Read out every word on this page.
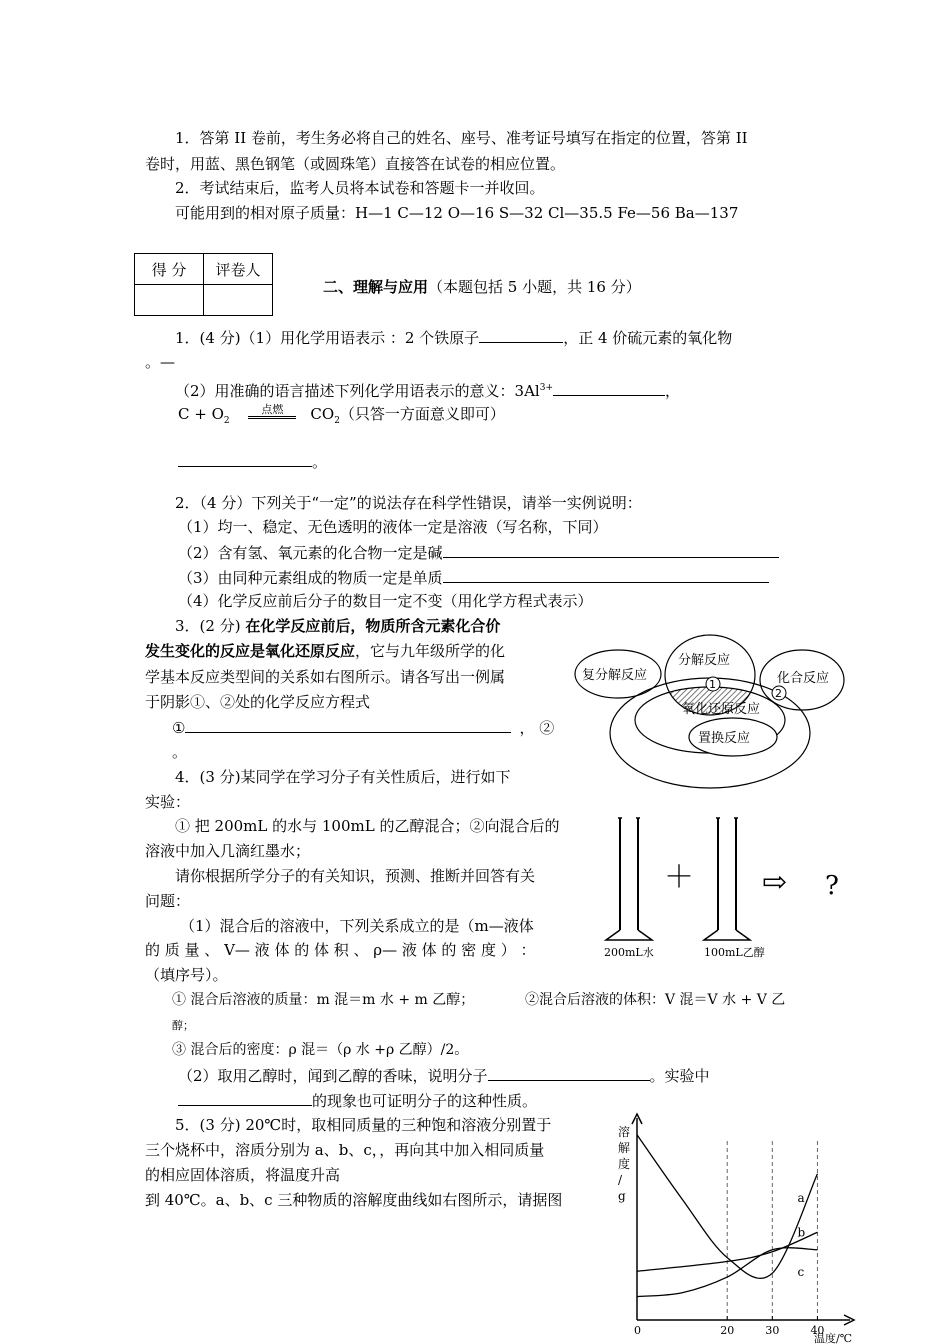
1．答第 II 卷前，考生务必将自己的姓名、座号、准考证号填写在指定的位置，答第 II
卷时，用蓝、黑色钢笔（或圆珠笔）直接答在试卷的相应位置。
2．考试结束后，监考人员将本试卷和答题卡一并收回。
可能用到的相对原子质量：H—1 C—12 O—16 S—32 Cl—35.5 Fe—56 Ba—137
得 分	评卷人

二、理解与应用（本题包括 5 小题，共 16 分）
1．(4 分)（1）用化学用语表示 ：2 个铁原子	，正 4 价硫元素的氧化物
。—
（2）用准确的语言描述下列化学用语表示的意义：$3Al^{3+}$	，
$C + O_2$ 点燃 $CO_2$（只答一方面意义即可）
。
2．（4 分）下列关于“一定”的说法存在科学性错误，请举一实例说明：
（1）均一、稳定、无色透明的液体一定是溶液（写名称，下同）
（2）含有氢、氧元素的化合物一定是碱
（3）由同种元素组成的物质一定是单质
（4）化学反应前后分子的数目一定不变（用化学方程式表示）
3．(2 分) 在化学反应前后，物质所含元素化合价
发生变化的反应是氧化还原反应，它与九年级所学的化
学基本反应类型间的关系如右图所示。请各写出一例属
于阴影①、②处的化学反应方程式
①	， ②
。
分解反应
复分解反应	化合反应
氧化还原反应
置换反应
1
2
4．(3 分)某同学在学习分子有关性质后，进行如下
实验：
① 把 200mL 的水与 100mL 的乙醇混合；②向混合后的
溶液中加入几滴红墨水；
请你根据所学分子的有关知识，预测、推断并回答有关
问题：
（1）混合后的溶液中，下列关系成立的是（m—液体
的 质 量 、 V— 液 体 的 体 积 、 ρ— 液 体 的 密 度 ） ：
（填序号）。
① 混合后溶液的质量：m 混＝m 水 + m 乙醇；	②混合后溶液的体积：V 混＝V 水 + V 乙
醇；
③ 混合后的密度：ρ 混＝（ρ 水 +ρ 乙醇）/2。
（2）取用乙醇时，闻到乙醇的香味，说明分子	。实验中
的现象也可证明分子的这种性质。
＋ ⇨ ?
200mL水	100mL乙醇
5．(3 分) 20℃时，取相同质量的三种饱和溶液分别置于
三个烧杯中，溶质分别为 a、b、c，，再向其中加入相同质量
的相应固体溶质，将温度升高
到 40℃。a、b、c 三种物质的溶解度曲线如右图所示，请据图
溶
解
度
/
g	a
b
c
0	20	30	40
温度/℃
